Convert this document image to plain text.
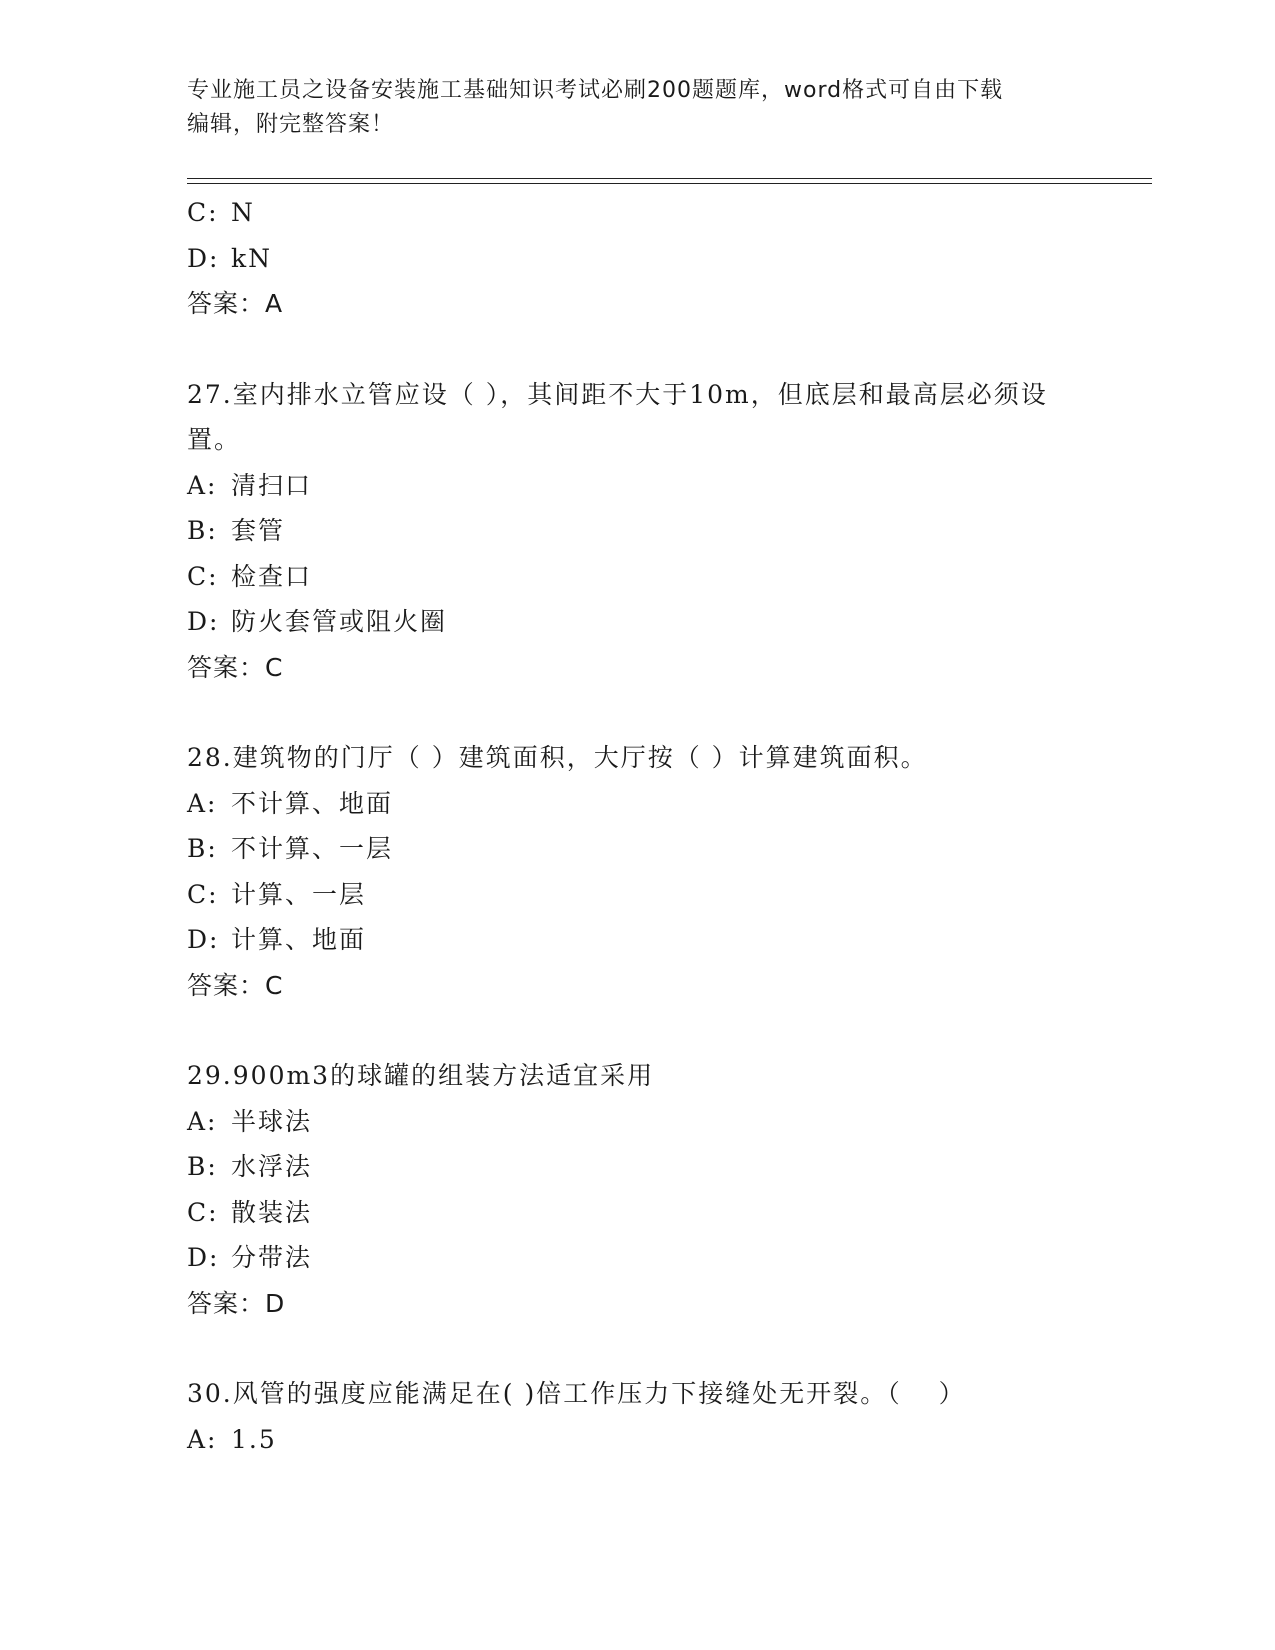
专业施工员之设备安装施工基础知识考试必刷200题题库，word格式可自由下载
编辑，附完整答案！
C: N
D: kN
答案：A
27.室内排水立管应设（ ），其间距不大于10m，但底层和最高层必须设置。
A: 清扫口
B: 套管
C: 检查口
D: 防火套管或阻火圈
答案：C
28.建筑物的门厅（ ）建筑面积，大厅按（ ）计算建筑面积。
A: 不计算、地面
B: 不计算、一层
C: 计算、一层
D: 计算、地面
答案：C
29.900m3的球罐的组装方法适宜采用
A: 半球法
B: 水浮法
C: 散装法
D: 分带法
答案：D
30.风管的强度应能满足在( )倍工作压力下接缝处无开裂。（　 ）
A: 1.5
